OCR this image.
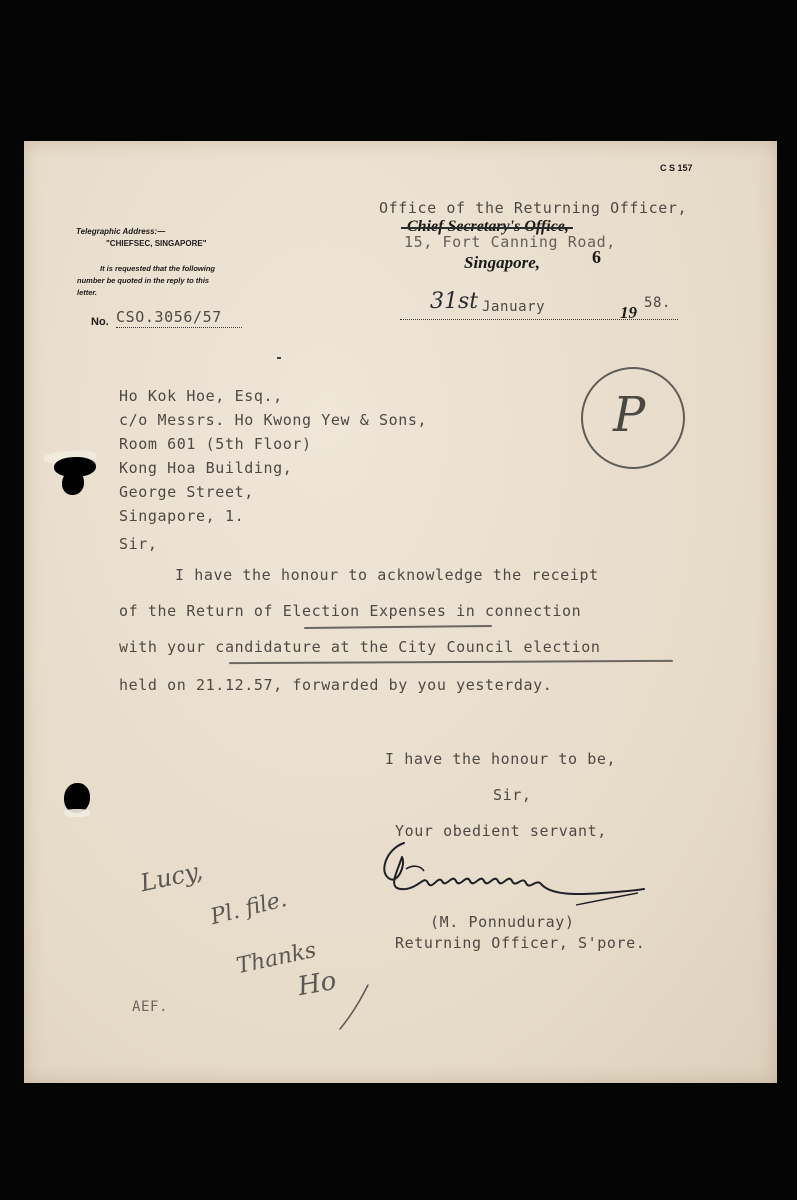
C S 157
Telegraphic Address:—
"CHIEFSEC, SINGAPORE"
It is requested that the following
number be quoted in the reply to this
letter.
No. CSO.3056/57
Office of the Returning Officer,
15, Fort Canning Road,
Singapore,	6
31st January	19 58.
P
Ho Kok Hoe, Esq.,
c/o Messrs. Ho Kwong Yew & Sons,
Room 601 (5th Floor)
Kong Hoa Building,
George Street,
Singapore, 1.
Sir,
I have the honour to acknowledge the receipt
of the Return of Election Expenses in connection
with your candidature at the City Council election
held on 21.12.57, forwarded by you yesterday.
I have the honour to be,
Sir,
Your obedient servant,
(M. Ponnuduray)
Returning Officer, S'pore.
Lucy,
Pl. file.
Thanks
Ho
AEF.
